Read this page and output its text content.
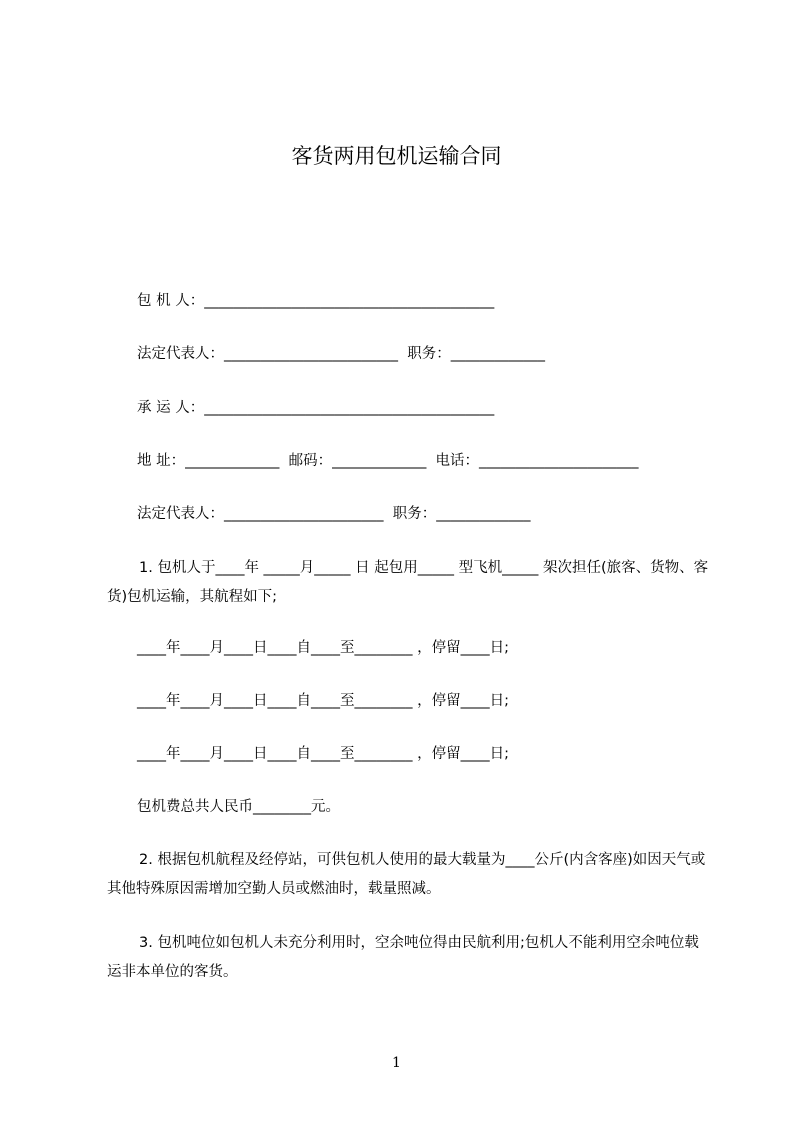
客货两用包机运输合同
包 机 人：________________________________________
法定代表人：________________________  职务：_____________
承 运 人：________________________________________
地 址：_____________  邮码：_____________  电话：______________________
法定代表人：______________________  职务：_____________
1. 包机人于____年 _____月_____ 日 起包用_____ 型飞机_____ 架次担任(旅客、货物、客货)包机运输，其航程如下;
____年____月____日____自____至________ ，停留____日;
____年____月____日____自____至________ ，停留____日;
____年____月____日____自____至________ ，停留____日;
包机费总共人民币________元。
2. 根据包机航程及经停站，可供包机人使用的最大载量为____公斤(内含客座)如因天气或其他特殊原因需增加空勤人员或燃油时，载量照减。
3. 包机吨位如包机人未充分利用时，空余吨位得由民航利用;包机人不能利用空余吨位载运非本单位的客货。
1
